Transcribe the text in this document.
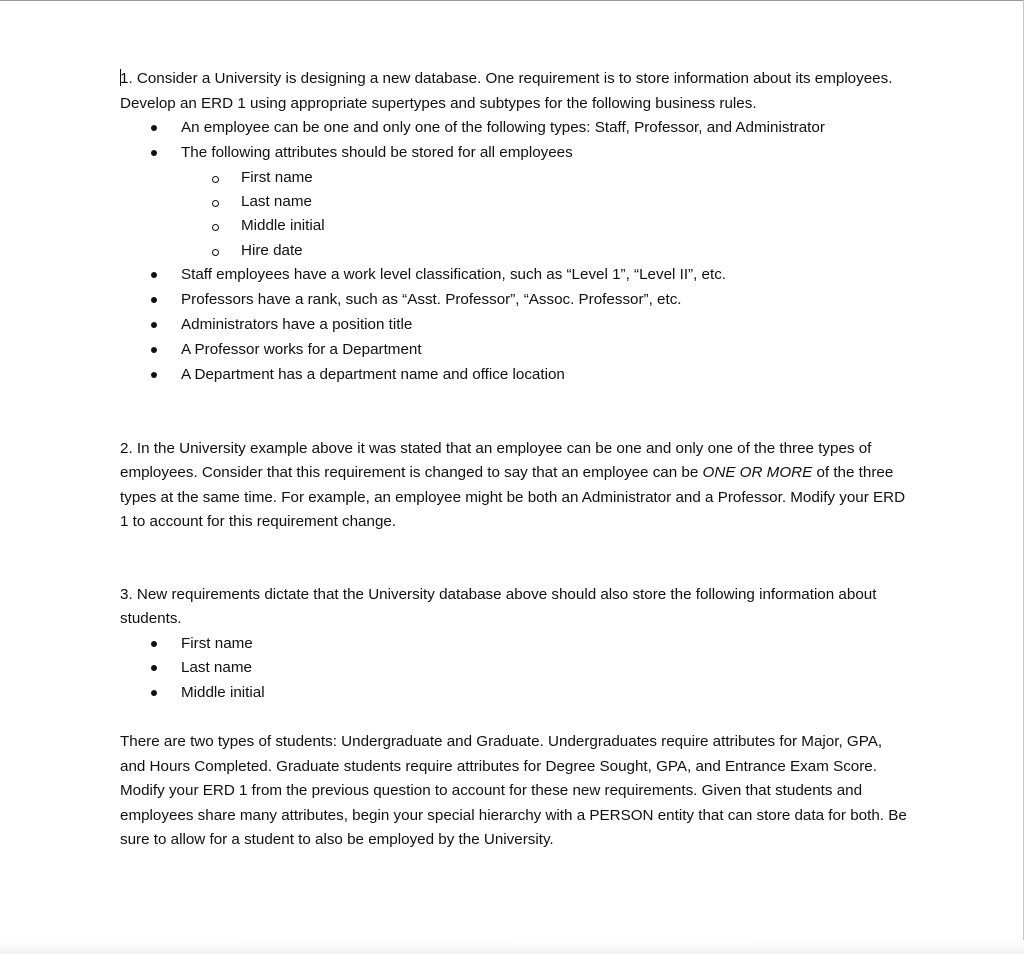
1. Consider a University is designing a new database. One requirement is to store information about its employees. Develop an ERD 1 using appropriate supertypes and subtypes for the following business rules.

An employee can be one and only one of the following types: Staff, Professor, and Administrator
The following attributes should be stored for all employees
First name
Last name
Middle initial
Hire date
Staff employees have a work level classification, such as “Level 1”, “Level II”, etc.
Professors have a rank, such as “Asst. Professor”, “Assoc. Professor”, etc.
Administrators have a position title
A Professor works for a Department
A Department has a department name and office location

2. In the University example above it was stated that an employee can be one and only one of the three types of employees. Consider that this requirement is changed to say that an employee can be ONE OR MORE of the three types at the same time. For example, an employee might be both an Administrator and a Professor. Modify your ERD 1 to account for this requirement change.

3. New requirements dictate that the University database above should also store the following information about students.

First name
Last name
Middle initial

There are two types of students: Undergraduate and Graduate. Undergraduates require attributes for Major, GPA, and Hours Completed. Graduate students require attributes for Degree Sought, GPA, and Entrance Exam Score. Modify your ERD 1 from the previous question to account for these new requirements. Given that students and employees share many attributes, begin your special hierarchy with a PERSON entity that can store data for both. Be sure to allow for a student to also be employed by the University.
